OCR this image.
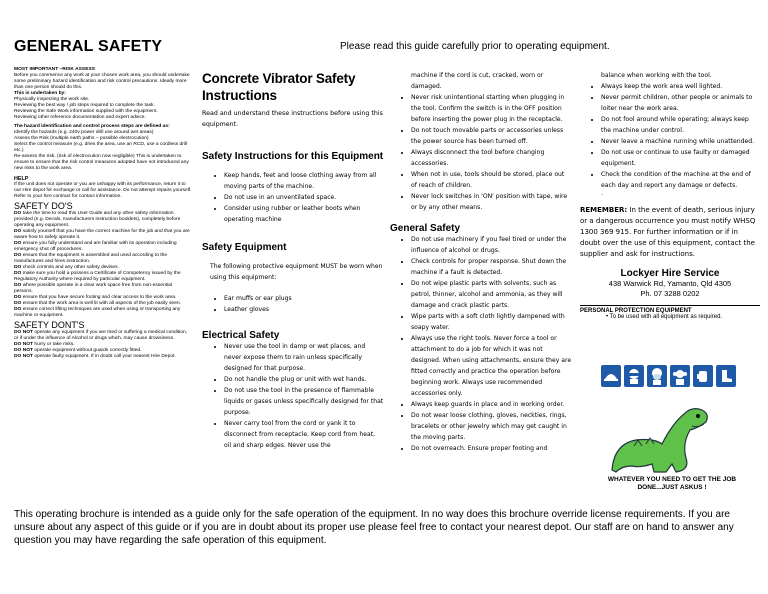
GENERAL SAFETY	Please read this guide carefully prior to operating equipment.

MOST IMPORTANT –RISK ASSESS

Before you commence any work at your chosen work area, you should undertake some preliminary hazard identification and risk control precautions. Ideally more than one person should do this.

This is undertaken by:

Physically inspecting the work site.

Reviewing the best way / job steps required to complete the task.

Reviewing the Safe Work information supplied with the equipment.

Reviewing other reference documentation and expert advice.

The hazard identification and control process steps are defined as:

Identify the hazards (e.g. 240v power drill use around wet areas)

Assess the Risk (multiple earth paths – possible electrocution)

Select the control measure (e.g. dries the area, use an RCD, use a cordless drill etc.)

Re-assess the risk. (risk of electrocution now negligible) This is undertaken to ensure to ensure that the risk control measures adopted have not introduced any new risks to the work area.

HELP

If the unit does not operate or you are unhappy with its performance, return it to our Hire depot for exchange or call for assistance. Do not attempt repairs yourself.

Refer to your hire contract for contact information.

SAFETY DO'S

DO take the time to read this User Guide and any other safety information provided (e.g. Decals, manufacturers instruction booklets), completely before operating any equipment.

DO satisfy yourself that you have the correct machine for the job and that you are aware how to safely operate it.

DO ensure you fully understand and are familiar with its operation including emergency shut off procedures.

DO ensure that the equipment is assembled and used according to the manufactures and hires instruction.

DO check controls and any other safety devises.

DO make sure you hold a possess a Certificate of Competency issued by the Regulatory Authority where required by particular equipment.

DO where possible operate in a clear work space free from non-essential persons.

DO ensure that you have secure footing and clear access to the work area.

DO ensure that the work area is well lit with all aspects of the job easily seen.

DO ensure correct lifting techniques are used when using or transporting any machine or equipment.

SAFETY DONT'S

DO NOT operate any equipment if you are tired or suffering a medical condition, or if under the influence of Alcohol or drugs which, may cause drowsiness.

DO NOT hurry or take risks.

DO NOT operate equipment without guards correctly fitted.

DO NOT operate faulty equipment. If in doubt call your nearest Hire Depot.

Concrete Vibrator Safety Instructions
Read and understand these instructions before using this equipment.

Safety Instructions for this Equipment

• Keep hands, feet and loose clothing away from all moving parts of the machine.
• Do not use in an unventilated space.
• Consider using rubber or leather boots when operating machine

Safety Equipment

The following protective equipment MUST be worn when using this equipment:
• Ear muffs or ear plugs
• Leather gloves

Electrical Safety

• Never use the tool in damp or wet places, and never expose them to rain unless specifically designed for that purpose.
• Do not handle the plug or unit with wet hands.
• Do not use the tool in the presence of flammable liquids or gases unless specifically designed for that purpose.
• Never carry tool from the cord or yank it to disconnect from receptacle. Keep cord from heat, oil and sharp edges. Never use the
machine if the cord is cut, cracked, worn or damaged.
• Never risk unintentional starting when plugging in the tool. Confirm the switch is in the OFF position before inserting the power plug in the receptacle.
• Do not touch movable parts or accessories unless the power source has been turned off.
• Always disconnect the tool before changing accessories.
• When not in use, tools should be stored, place out of reach of children.
• Never lock switches in 'ON' position with tape, wire or by any other means.

General Safety

• Do not use machinery if you feel tired or under the influence of alcohol or drugs.
• Check controls for proper response. Shut down the machine if a fault is detected.
• Do not wipe plastic parts with solvents, such as petrol, thinner, alcohol and ammonia, as they will damage and crack plastic parts.
• Wipe parts with a soft cloth lightly dampened with soapy water.
• Always use the right tools. Never force a tool or attachment to do a job for which it was not designed. When using attachments, ensure they are fitted correctly and practice the operation before beginning work. Always use recommended accessories only.
• Always keep guards in place and in working order.
• Do not wear loose clothing, gloves, neckties, rings, bracelets or other jewelry which may get caught in the moving parts.
• Do not overreach. Ensure proper footing and
balance when working with the tool.
• Always keep the work area well lighted.
• Never permit children, other people or animals to loiter near the work area.
• Do not fool around while operating; always keep the machine under control.
• Never leave a machine running while unattended.
• Do not use or continue to use faulty or damaged equipment.
• Check the condition of the machine at the end of each day and report any damage or defects.
.
REMEMBER: In the event of death, serious injury or a dangerous occurrence you must notify WHSQ 1300 369 915. For further information or if in doubt over the use of this equipment, contact the supplier and ask for instructions.
Lockyer Hire Service
438 Warwick Rd, Yamanto, Qld 4305
Ph. 07 3288 0202
PERSONAL PROTECTION EQUIPMENT
• To be used with all equipment as required.
WHATEVER YOU NEED TO GET THE JOB DONE...JUST ASKUS !
This operating brochure is intended as a guide only for the safe operation of the equipment. In no way does this brochure override license requirements. If you are unsure about any aspect of this guide or if you are in doubt about its proper use please feel free to contact your nearest depot. Our staff are on hand to answer any question you may have regarding the safe operation of this equipment.
